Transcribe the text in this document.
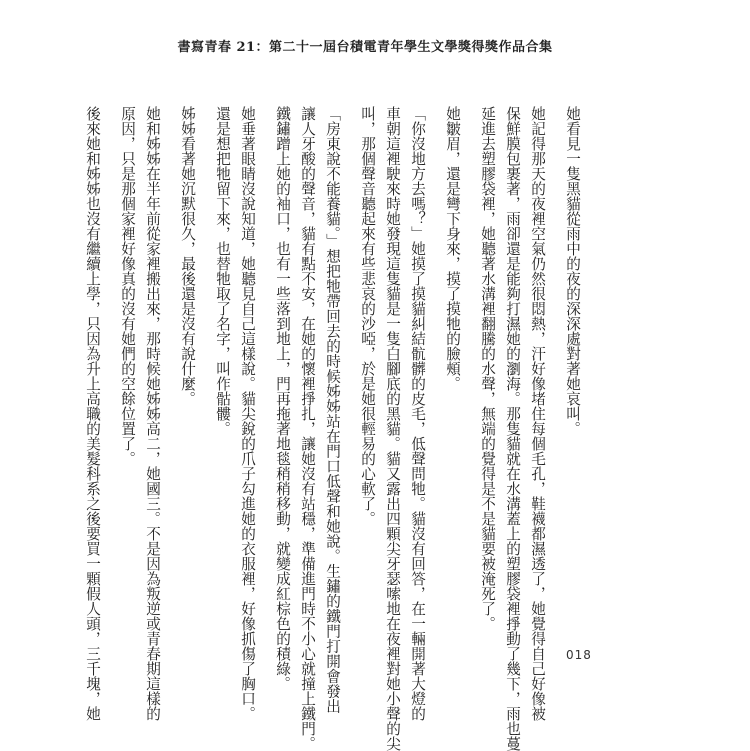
書寫青春 21：第二十一屆台積電青年學生文學獎得獎作品合集
她看見一隻黑貓從雨中的夜的深深處對著她哀叫。
她記得那天的夜裡空氣仍然很悶熱，汗好像堵住每個毛孔，鞋襪都濕透了，她覺得自己好像被
保鮮膜包裹著，雨卻還是能夠打濕她的瀏海。那隻貓就在水溝蓋上的塑膠袋裡掙動了幾下，雨也蔓
延進去塑膠袋裡，她聽著水溝裡翻騰的水聲，無端的覺得是不是貓要被淹死了。
她皺眉，還是彎下身來，摸了摸牠的臉頰。
「你沒地方去嗎？」她摸了摸貓糾結骯髒的皮毛，低聲問牠。貓沒有回答，在一輛開著大燈的
車朝這裡駛來時她發現這隻貓是一隻白腳底的黑貓。貓又露出四顆尖牙瑟嗦地在夜裡對她小聲的尖
叫，那個聲音聽起來有些悲哀的沙啞，於是她很輕易的心軟了。
「房東說不能養貓。」想把牠帶回去的時候姊姊站在門口低聲和她說。生鏽的鐵門打開會發出
讓人牙酸的聲音，貓有點不安，在她的懷裡掙扎，讓她沒有站穩，準備進門時不小心就撞上鐵門。
鐵鏽蹭上她的袖口，也有一些落到地上，門再拖著地毯稍稍移動，就變成紅棕色的積綠。
她垂著眼睛沒說知道，她聽見自己這樣說。貓尖銳的爪子勾進她的衣服裡，好像抓傷了胸口。
還是想把牠留下來，也替牠取了名字，叫作骷髏。
姊姊看著她沉默很久，最後還是沒有說什麼。
她和姊姊在半年前從家裡搬出來，那時候她姊姊高二，她國三。不是因為叛逆或青春期這樣的
原因，只是那個家裡好像真的沒有她們的空餘位置了。
後來她和姊姊也沒有繼續上學，只因為升上高職的美髮科系之後要買一顆假人頭，三千塊，她	018
